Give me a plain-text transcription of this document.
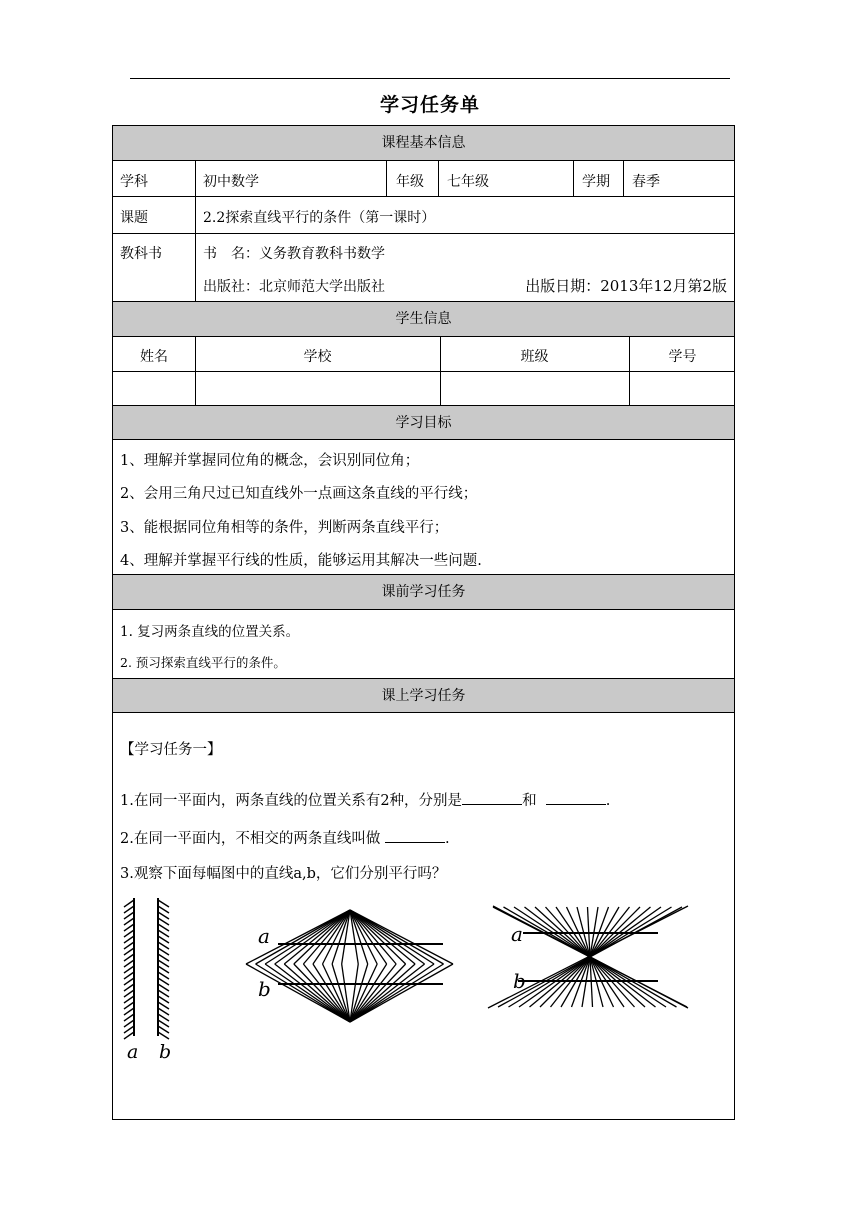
学习任务单
课程基本信息
学科	初中数学	年级 七年级	学期 春季
课题	2.2探索直线平行的条件（第一课时）
教科书	书　名：义务教育教科书数学
出版社：北京师范大学出版社	出版日期：2013年12月第2版
学生信息
姓名	学校	班级	学号
学习目标
1、理解并掌握同位角的概念，会识别同位角；
2、会用三角尺过已知直线外一点画这条直线的平行线；
3、能根据同位角相等的条件，判断两条直线平行；
4、理解并掌握平行线的性质，能够运用其解决一些问题.
课前学习任务
1. 复习两条直线的位置关系。
2. 预习探索直线平行的条件。
课上学习任务
【学习任务一】
1.在同一平面内，两条直线的位置关系有2种，分别是	和	.
2.在同一平面内，不相交的两条直线叫做	.
3.观察下面每幅图中的直线a,b，它们分别平行吗？
a b
a
b
a
b
